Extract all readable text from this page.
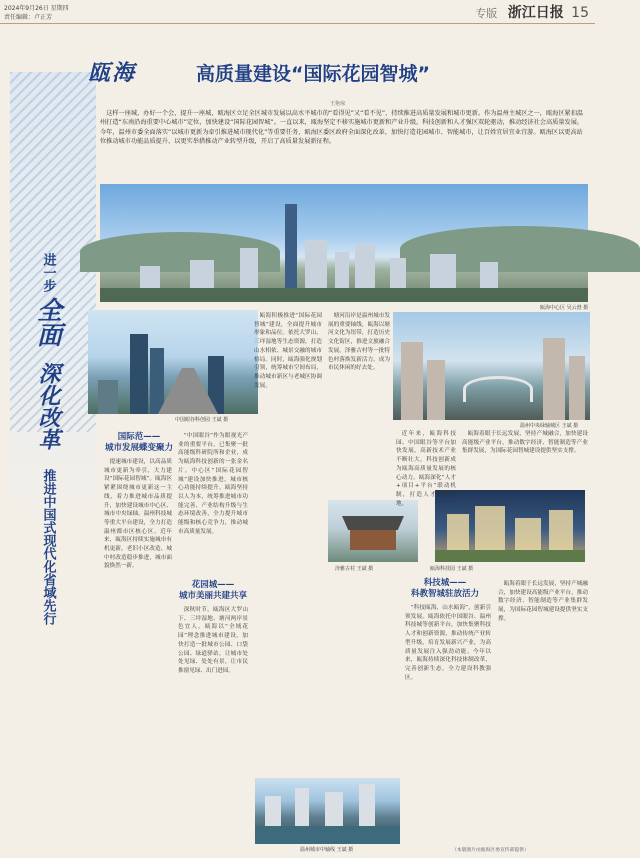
2024年9月26日 星期四
责任编辑：卢正芳	专版 浙江日报 15
进一步
全面
深化改革
推进中国式现代化省域先行
瓯海	高质量建设“国际花园智城”
王艳琼
这样一座城，办好一个会，提升一座城，瓯海区立足全区城市发展以高水平城市的“看得见”又“看不见”，持续推进高质量发展和城市更新。作为温州主城区之一，瓯海区紧扣温州打造“东南沿海重要中心城市”定位，加快建设“国际花园智城”。一直以来，瓯海坚定不移实施城市更新和产业升级，科技创新和人才强区双轮驱动，推动经济社会高质量发展。今年，温州市委全面落实“以城市更新为牵引推进城市现代化”等重要任务，瓯海区委区政府全面深化改革，加快打造花园城市、智能城市，让百姓宜居宜业宜游。瓯海区以更高站位推动城市功能品质提升、以更实举措推动产业转型升级，开启了高质量发展新征程。
瓯海中心区 吴云澄 摄
中国眼谷科创园 王斌 摄
温州中央绿轴城区 王斌 摄
国际范——
城市发展蝶变聚力

提速城市建设，以高品质城市更新为牵引，大力建设“国际花园智城”。瓯海区紧紧围绕城市更新这一主线，着力推进城市品质提升，加快建设城市中心区、城市中央绿轴、温州科技城等重大平台建设，全力打造温州都市区核心区。近年来，瓯海区持续实施城市有机更新，老旧小区改造、城中村改造稳步推进，城市面貌焕然一新。

“中国眼谷”作为眼视光产业的重要平台，已集聚一批高能级科研院所和企业，成为瓯海科技创新的一张金名片。中心区“国际花园智城”建设加快推进，城市核心功能持续提升。瓯海坚持以人为本，统筹推进城市功能完善、产业结构升级与生态环境改善，全力提升城市能级和核心竞争力，推动城市高质量发展。

花园城——
城市美丽共建共享

深秋时节，瓯海区大罗山下、三垟湿地、塘河两岸景色宜人。瓯海以“全域花园”理念推进城市建设，加快打造一批城市公园、口袋公园、绿道驿站，让城市处处见绿、处处有景，让市民推窗见绿、出门进园。

瓯海积极推进“国际花园智城”建设，全面提升城市形象和品位。依托大罗山、三垟湿地等生态资源，打造山水相依、城景交融的城市格局。同时，瓯海强化规划引领，统筹城市空间布局，推动城市新区与老城区协调发展。

塘河沿岸是温州城市发展的重要轴线，瓯海以塘河文化为纽带，打造历史文化街区，推进文旅融合发展。泽雅古村等一批特色村落焕发新活力，成为市民休闲的好去处。

泽雅古村 王斌 摄	瓯海科技园 王斌 摄

近年来，瓯海科技园、中国眼谷等平台加快发展，高新技术产业不断壮大，科技创新成为瓯海高质量发展的核心动力。瓯海深化“人才+项目+平台”联动机制，打造人才集聚高地。

瓯海着眼于长远发展，坚持产城融合，加快建设高能级产业平台，推动数字经济、智能制造等产业集群发展，为国际花园智城建设提供坚实支撑。

科技城——
科教智城驻放活力

“科技瓯海，山水瓯海”，创新引领发展。瓯海依托中国眼谷、温州科技城等创新平台，加快集聚科技人才和创新资源，推动传统产业转型升级，培育发展新兴产业，为高质量发展注入强劲动能。今年以来，瓯海持续深化科技体制改革，完善创新生态，全力建设科教强区。

瓯海着眼于长远发展，坚持产城融合，加快建设高能级产业平台，推动数字经济、智能制造等产业集群发展，为国际花园智城建设提供坚实支撑。

温州城市中轴线 王斌 摄	（本版图片由瓯海区委宣传部提供）
